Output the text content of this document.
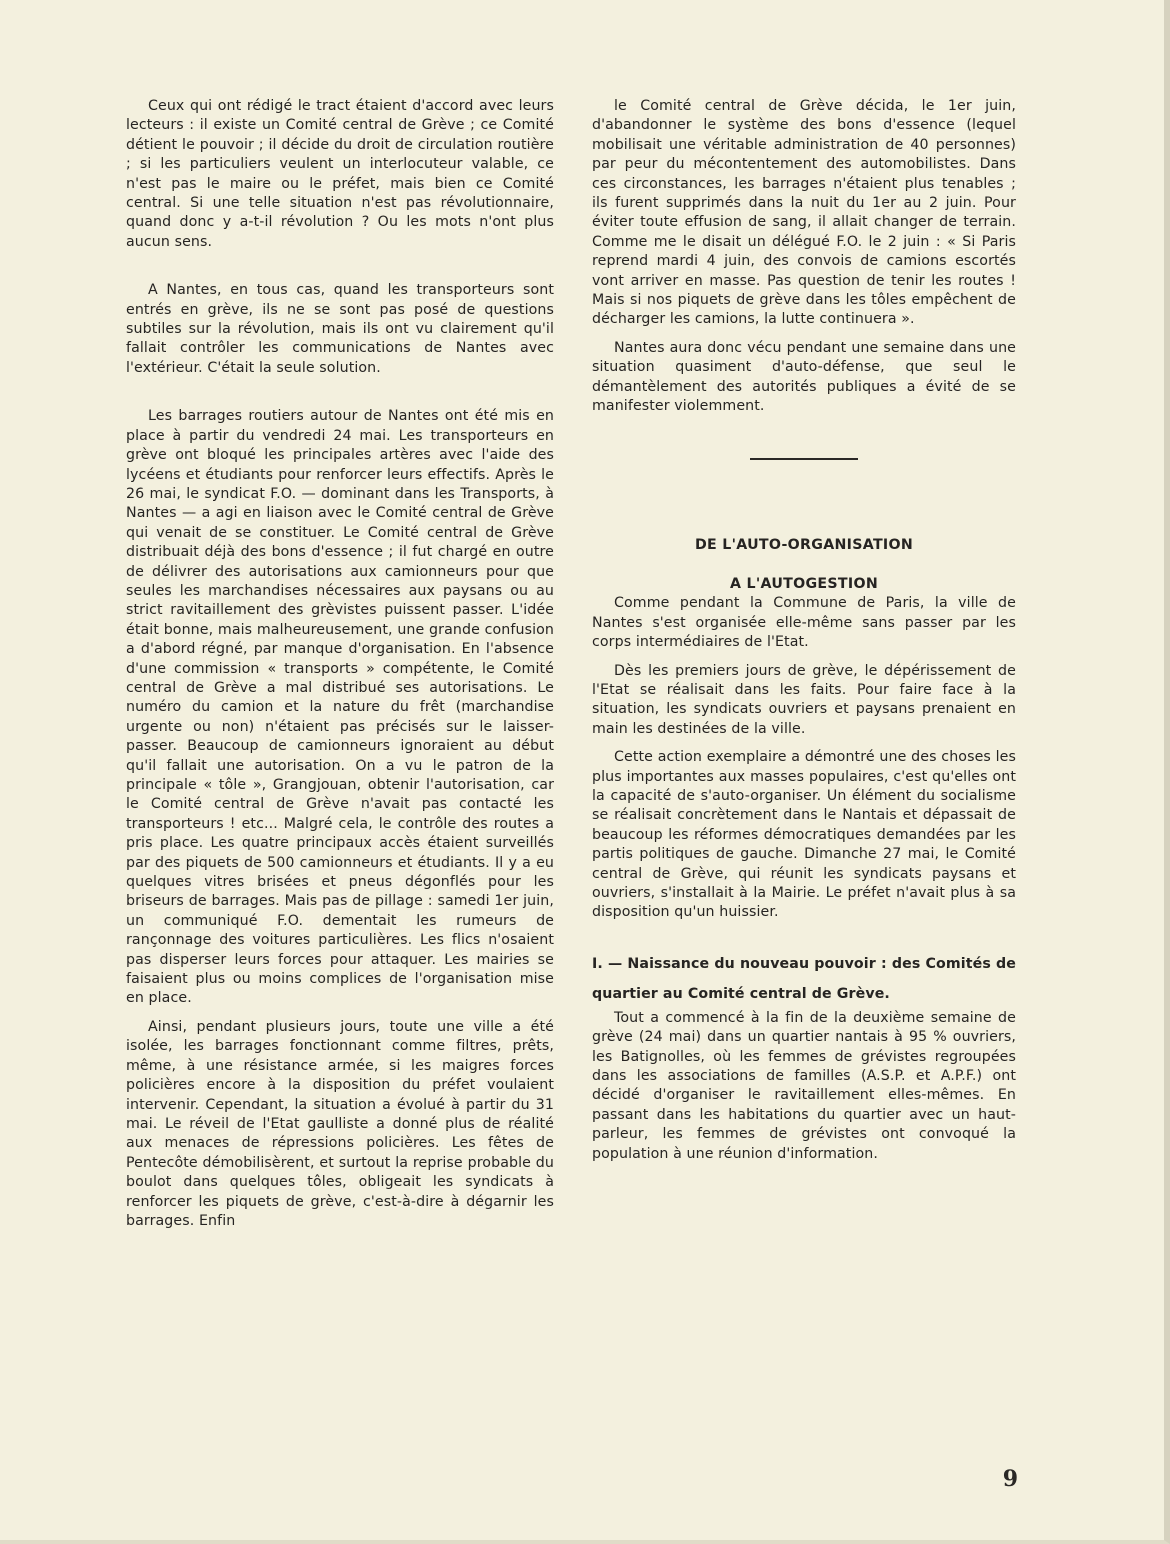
Ceux qui ont rédigé le tract étaient d'accord avec leurs lecteurs : il existe un Comité central de Grève ; ce Comité détient le pouvoir ; il décide du droit de circulation routière ; si les particuliers veulent un interlocuteur valable, ce n'est pas le maire ou le préfet, mais bien ce Comité central. Si une telle situation n'est pas révolutionnaire, quand donc y a-t-il révolution ? Ou les mots n'ont plus aucun sens.

A Nantes, en tous cas, quand les transporteurs sont entrés en grève, ils ne se sont pas posé de questions subtiles sur la révolution, mais ils ont vu clairement qu'il fallait contrôler les communications de Nantes avec l'extérieur. C'était la seule solution.

Les barrages routiers autour de Nantes ont été mis en place à partir du vendredi 24 mai. Les transporteurs en grève ont bloqué les principales artères avec l'aide des lycéens et étudiants pour renforcer leurs effectifs. Après le 26 mai, le syndicat F.O. — dominant dans les Transports, à Nantes — a agi en liaison avec le Comité central de Grève qui venait de se constituer. Le Comité central de Grève distribuait déjà des bons d'essence ; il fut chargé en outre de délivrer des autorisations aux camionneurs pour que seules les marchandises nécessaires aux paysans ou au strict ravitaillement des grèvistes puissent passer. L'idée était bonne, mais malheureusement, une grande confusion a d'abord régné, par manque d'organisation. En l'absence d'une commission « transports » compétente, le Comité central de Grève a mal distribué ses autorisations. Le numéro du camion et la nature du frêt (marchandise urgente ou non) n'étaient pas précisés sur le laisser-passer. Beaucoup de camionneurs ignoraient au début qu'il fallait une autorisation. On a vu le patron de la principale « tôle », Grangjouan, obtenir l'autorisation, car le Comité central de Grève n'avait pas contacté les transporteurs ! etc... Malgré cela, le contrôle des routes a pris place. Les quatre principaux accès étaient surveillés par des piquets de 500 camionneurs et étudiants. Il y a eu quelques vitres brisées et pneus dégonflés pour les briseurs de barrages. Mais pas de pillage : samedi 1er juin, un communiqué F.O. dementait les rumeurs de rançonnage des voitures particulières. Les flics n'osaient pas disperser leurs forces pour attaquer. Les mairies se faisaient plus ou moins complices de l'organisation mise en place.

Ainsi, pendant plusieurs jours, toute une ville a été isolée, les barrages fonctionnant comme filtres, prêts, même, à une résistance armée, si les maigres forces policières encore à la disposition du préfet voulaient intervenir. Cependant, la situation a évolué à partir du 31 mai. Le réveil de l'Etat gaulliste a donné plus de réalité aux menaces de répressions policières. Les fêtes de Pentecôte démobilisèrent, et surtout la reprise probable du boulot dans quelques tôles, obligeait les syndicats à renforcer les piquets de grève, c'est-à-dire à dégarnir les barrages. Enfin

le Comité central de Grève décida, le 1er juin, d'abandonner le système des bons d'essence (lequel mobilisait une véritable administration de 40 personnes) par peur du mécontentement des automobilistes. Dans ces circonstances, les barrages n'étaient plus tenables ; ils furent supprimés dans la nuit du 1er au 2 juin. Pour éviter toute effusion de sang, il allait changer de terrain. Comme me le disait un délégué F.O. le 2 juin : « Si Paris reprend mardi 4 juin, des convois de camions escortés vont arriver en masse. Pas question de tenir les routes ! Mais si nos piquets de grève dans les tôles empêchent de décharger les camions, la lutte continuera ».

Nantes aura donc vécu pendant une semaine dans une situation quasiment d'auto-défense, que seul le démantèlement des autorités publiques a évité de se manifester violemment.

DE L'AUTO-ORGANISATION
A L'AUTOGESTION

Comme pendant la Commune de Paris, la ville de Nantes s'est organisée elle-même sans passer par les corps intermédiaires de l'Etat.

Dès les premiers jours de grève, le dépérissement de l'Etat se réalisait dans les faits. Pour faire face à la situation, les syndicats ouvriers et paysans prenaient en main les destinées de la ville.

Cette action exemplaire a démontré une des choses les plus importantes aux masses populaires, c'est qu'elles ont la capacité de s'auto-organiser. Un élément du socialisme se réalisait concrètement dans le Nantais et dépassait de beaucoup les réformes démocratiques demandées par les partis politiques de gauche. Dimanche 27 mai, le Comité central de Grève, qui réunit les syndicats paysans et ouvriers, s'installait à la Mairie. Le préfet n'avait plus à sa disposition qu'un huissier.

I. — Naissance du nouveau pouvoir : des Comités de quartier au Comité central de Grève.

Tout a commencé à la fin de la deuxième semaine de grève (24 mai) dans un quartier nantais à 95 % ouvriers, les Batignolles, où les femmes de grévistes regroupées dans les associations de familles (A.S.P. et A.P.F.) ont décidé d'organiser le ravitaillement elles-mêmes. En passant dans les habitations du quartier avec un haut-parleur, les femmes de grévistes ont convoqué la population à une réunion d'information.

9
